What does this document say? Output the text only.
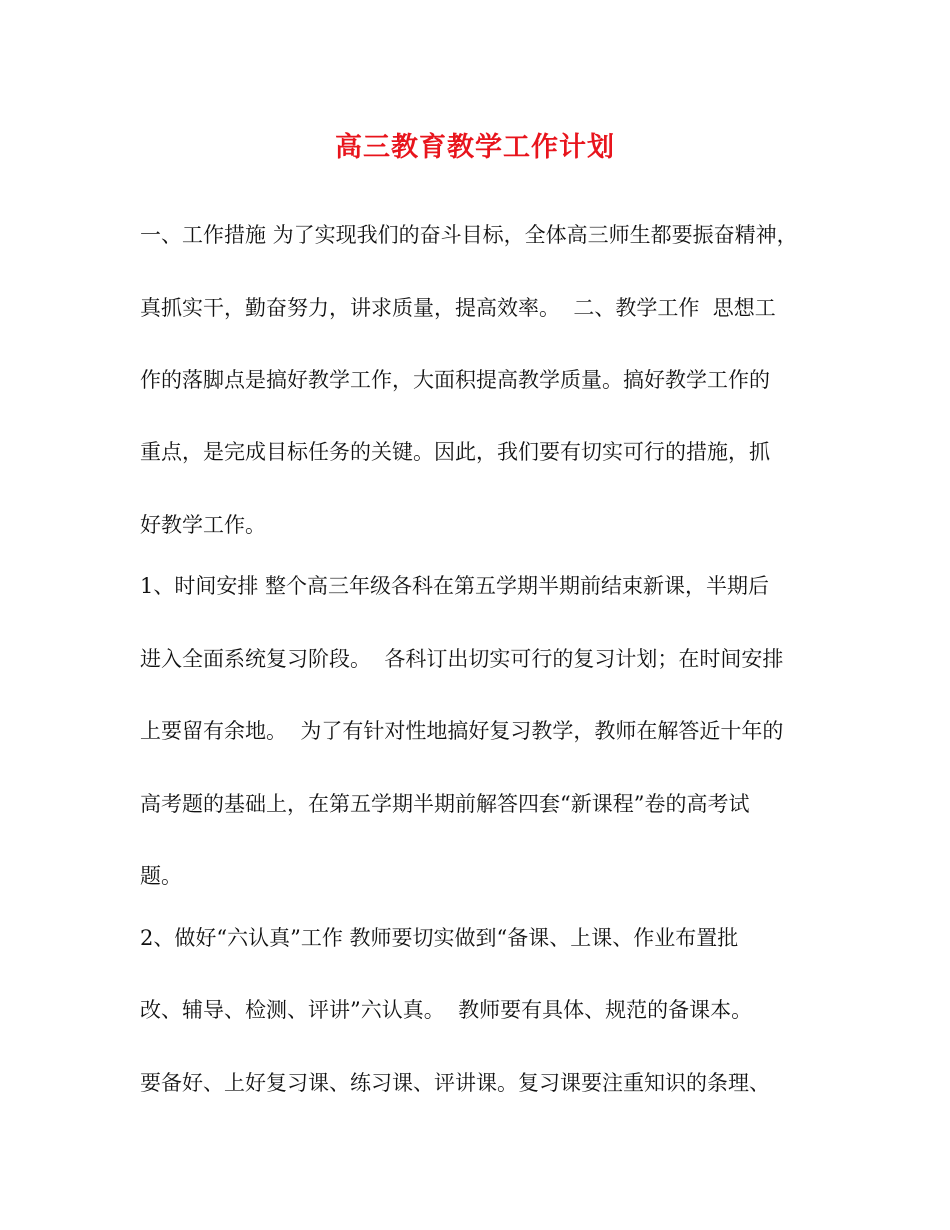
高三教育教学工作计划
一、工作措施 为了实现我们的奋斗目标，全体高三师生都要振奋精神，
真抓实干，勤奋努力，讲求质量，提高效率。  二、教学工作  思想工
作的落脚点是搞好教学工作，大面积提高教学质量。搞好教学工作的
重点，是完成目标任务的关键。因此，我们要有切实可行的措施，抓
好教学工作。
1、时间安排 整个高三年级各科在第五学期半期前结束新课，半期后
进入全面系统复习阶段。  各科订出切实可行的复习计划；在时间安排
上要留有余地。  为了有针对性地搞好复习教学，教师在解答近十年的
高考题的基础上，在第五学期半期前解答四套“新课程”卷的高考试
题。
2、做好“六认真”工作 教师要切实做到“备课、上课、作业布置批
改、辅导、检测、评讲”六认真。  教师要有具体、规范的备课本。
要备好、上好复习课、练习课、评讲课。复习课要注重知识的条理、
